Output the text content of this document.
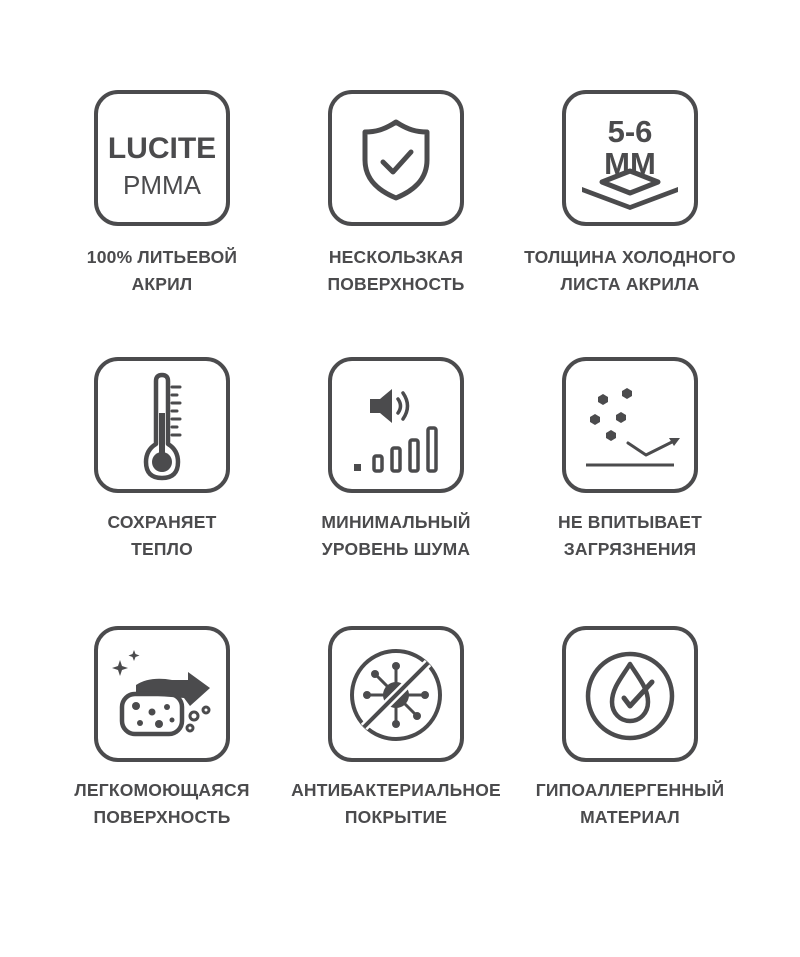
LUCITE
PMMA
100% ЛИТЬЕВОЙ
АКРИЛ
НЕСКОЛЬЗКАЯ
ПОВЕРХНОСТЬ
5-6
ММ
ТОЛЩИНА ХОЛОДНОГО
ЛИСТА АКРИЛА
СОХРАНЯЕТ
ТЕПЛО
МИНИМАЛЬНЫЙ
УРОВЕНЬ ШУМА
НЕ ВПИТЫВАЕТ
ЗАГРЯЗНЕНИЯ
ЛЕГКОМОЮЩАЯСЯ
ПОВЕРХНОСТЬ
АНТИБАКТЕРИАЛЬНОЕ
ПОКРЫТИЕ
ГИПОАЛЛЕРГЕННЫЙ
МАТЕРИАЛ
